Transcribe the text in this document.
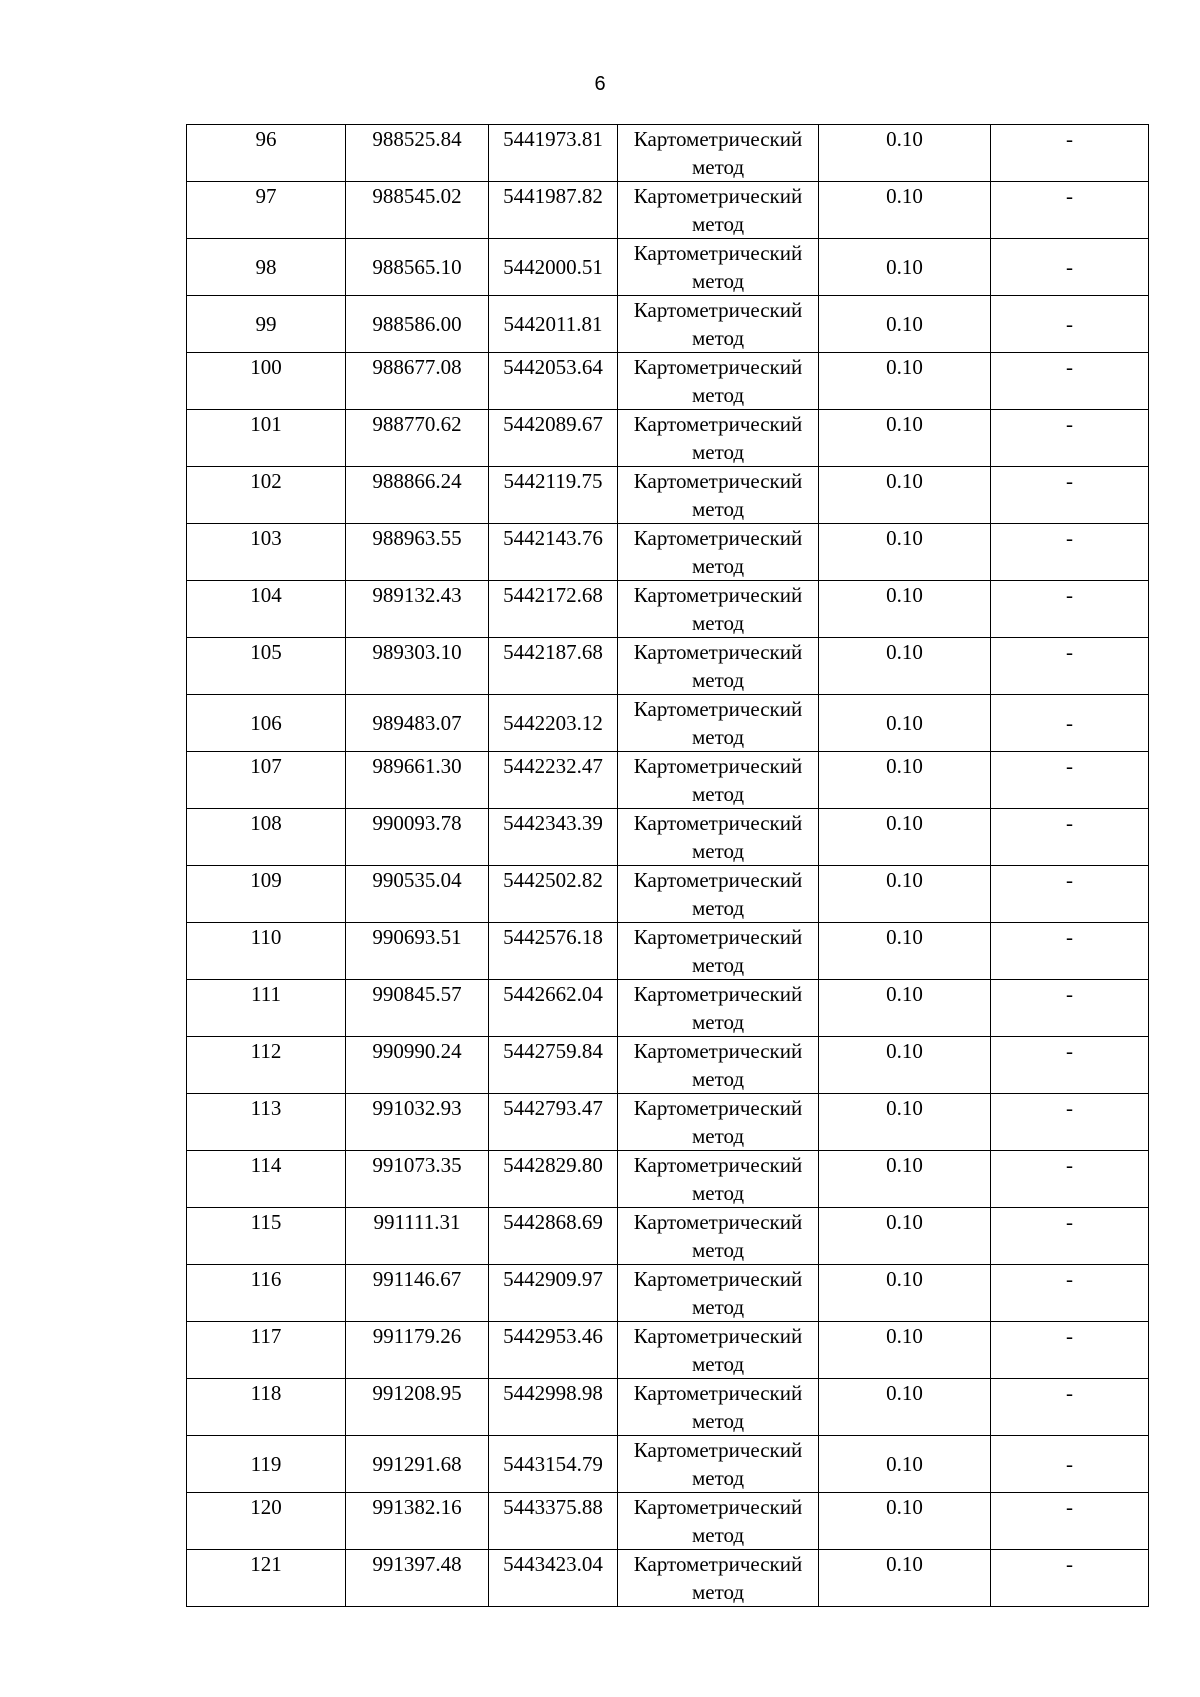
6
96	988525.84	5441973.81	Картометрический метод	0.10	-
97	988545.02	5441987.82	Картометрический метод	0.10	-
98	988565.10	5442000.51	Картометрический метод	0.10	-
99	988586.00	5442011.81	Картометрический метод	0.10	-
100	988677.08	5442053.64	Картометрический метод	0.10	-
101	988770.62	5442089.67	Картометрический метод	0.10	-
102	988866.24	5442119.75	Картометрический метод	0.10	-
103	988963.55	5442143.76	Картометрический метод	0.10	-
104	989132.43	5442172.68	Картометрический метод	0.10	-
105	989303.10	5442187.68	Картометрический метод	0.10	-
106	989483.07	5442203.12	Картометрический метод	0.10	-
107	989661.30	5442232.47	Картометрический метод	0.10	-
108	990093.78	5442343.39	Картометрический метод	0.10	-
109	990535.04	5442502.82	Картометрический метод	0.10	-
110	990693.51	5442576.18	Картометрический метод	0.10	-
111	990845.57	5442662.04	Картометрический метод	0.10	-
112	990990.24	5442759.84	Картометрический метод	0.10	-
113	991032.93	5442793.47	Картометрический метод	0.10	-
114	991073.35	5442829.80	Картометрический метод	0.10	-
115	991111.31	5442868.69	Картометрический метод	0.10	-
116	991146.67	5442909.97	Картометрический метод	0.10	-
117	991179.26	5442953.46	Картометрический метод	0.10	-
118	991208.95	5442998.98	Картометрический метод	0.10	-
119	991291.68	5443154.79	Картометрический метод	0.10	-
120	991382.16	5443375.88	Картометрический метод	0.10	-
121	991397.48	5443423.04	Картометрический метод	0.10	-
